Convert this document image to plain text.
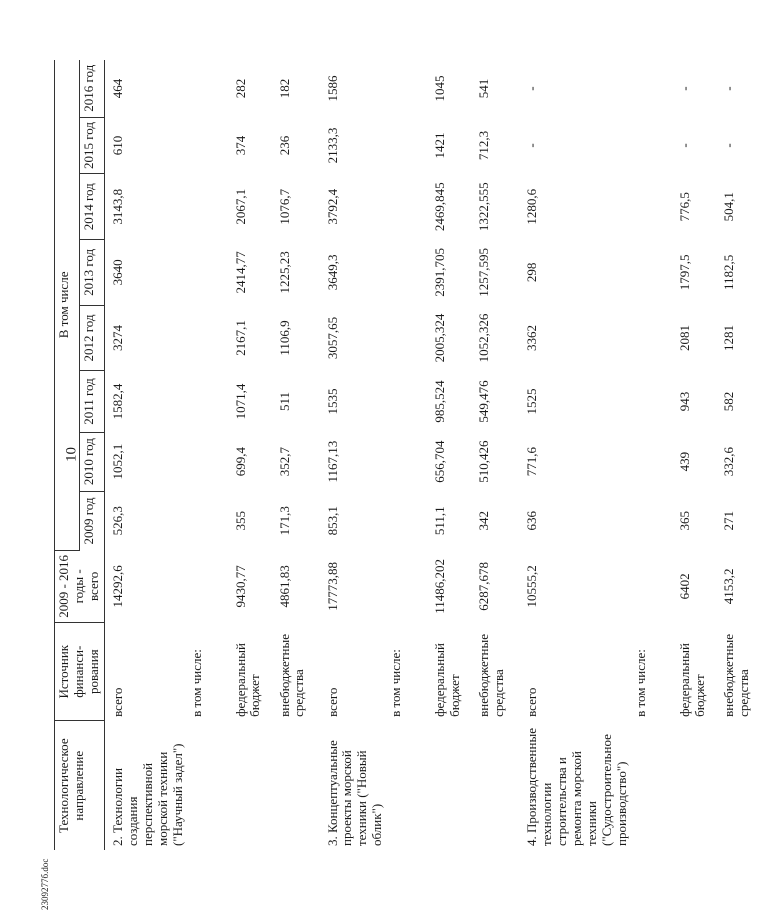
10
2309277б.doc
Технологическое направление	Источник финанси-рования	2009 - 2016 годы - всего	В том числе							
			2009 год	2010 год	2011 год	2012 год	2013 год	2014 год	2015 год	2016 год
2. Технологии создания перспективной морской техники ("Научный задел")	всего	14292,6	526,3	1052,1	1582,4	3274	3640	3143,8	610	464
	в том числе:									
	федеральный бюджет	9430,77	355	699,4	1071,4	2167,1	2414,77	2067,1	374	282
	внебюджетные средства	4861,83	171,3	352,7	511	1106,9	1225,23	1076,7	236	182
3. Концептуальные проекты морской техники ("Новый облик")	всего	17773,88	853,1	1167,13	1535	3057,65	3649,3	3792,4	2133,3	1586
	в том числе:									
	федеральный бюджет	11486,202	511,1	656,704	985,524	2005,324	2391,705	2469,845	1421	1045
	внебюджетные средства	6287,678	342	510,426	549,476	1052,326	1257,595	1322,555	712,3	541
4. Производственные технологии строительства и ремонта морской техники ("Судостроительное производство")	всего	10555,2	636	771,6	1525	3362	298	1280,6	-	-
	в том числе:									
	федеральный бюджет	6402	365	439	943	2081	1797,5	776,5	-	-
	внебюджетные средства	4153,2	271	332,6	582	1281	1182,5	504,1	-	-
